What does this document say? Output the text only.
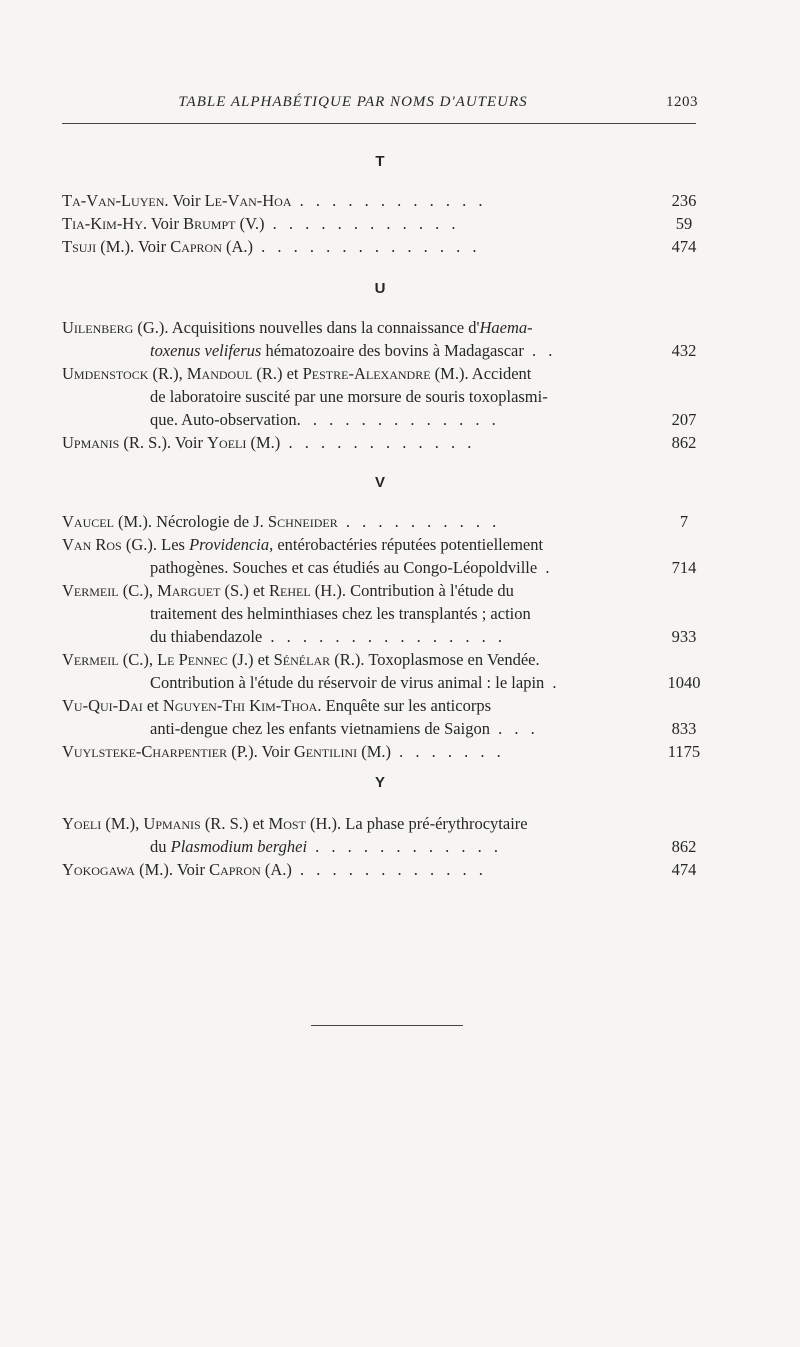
TABLE ALPHABÉTIQUE PAR NOMS D'AUTEURS	1203
T
Ta-Van-Luyen. Voir Le-Van-Hoa . . . . . . . . . . . .	236
Tia-Kim-Hy. Voir Brumpt (V.) . . . . . . . . . . . .	59
Tsuji (M.). Voir Capron (A.) . . . . . . . . . . . . . .	474
U
Uilenberg (G.). Acquisitions nouvelles dans la connaissance d'Haema-
toxenus veliferus hématozoaire des bovins à Madagascar . .	432
Umdenstock (R.), Mandoul (R.) et Pestre-Alexandre (M.). Accident
de laboratoire suscité par une morsure de souris toxoplasmi-
que. Auto-observation. . . . . . . . . . . . .	207
Upmanis (R. S.). Voir Yoeli (M.) . . . . . . . . . . . .	862
V
Vaucel (M.). Nécrologie de J. Schneider . . . . . . . . . .	7
Van Ros (G.). Les Providencia, entérobactéries réputées potentiellement
pathogènes. Souches et cas étudiés au Congo-Léopoldville .	714
Vermeil (C.), Marguet (S.) et Rehel (H.). Contribution à l'étude du
traitement des helminthiases chez les transplantés ; action
du thiabendazole . . . . . . . . . . . . . . .	933
Vermeil (C.), Le Pennec (J.) et Sénélar (R.). Toxoplasmose en Vendée.
Contribution à l'étude du réservoir de virus animal : le lapin .	1040
Vu-Qui-Dai et Nguyen-Thi Kim-Thoa. Enquête sur les anticorps
anti-dengue chez les enfants vietnamiens de Saigon . . .	833
Vuylsteke-Charpentier (P.). Voir Gentilini (M.) . . . . . . .	1175
Y
Yoeli (M.), Upmanis (R. S.) et Most (H.). La phase pré-érythrocytaire
du Plasmodium berghei . . . . . . . . . . . .	862
Yokogawa (M.). Voir Capron (A.) . . . . . . . . . . . .	474
